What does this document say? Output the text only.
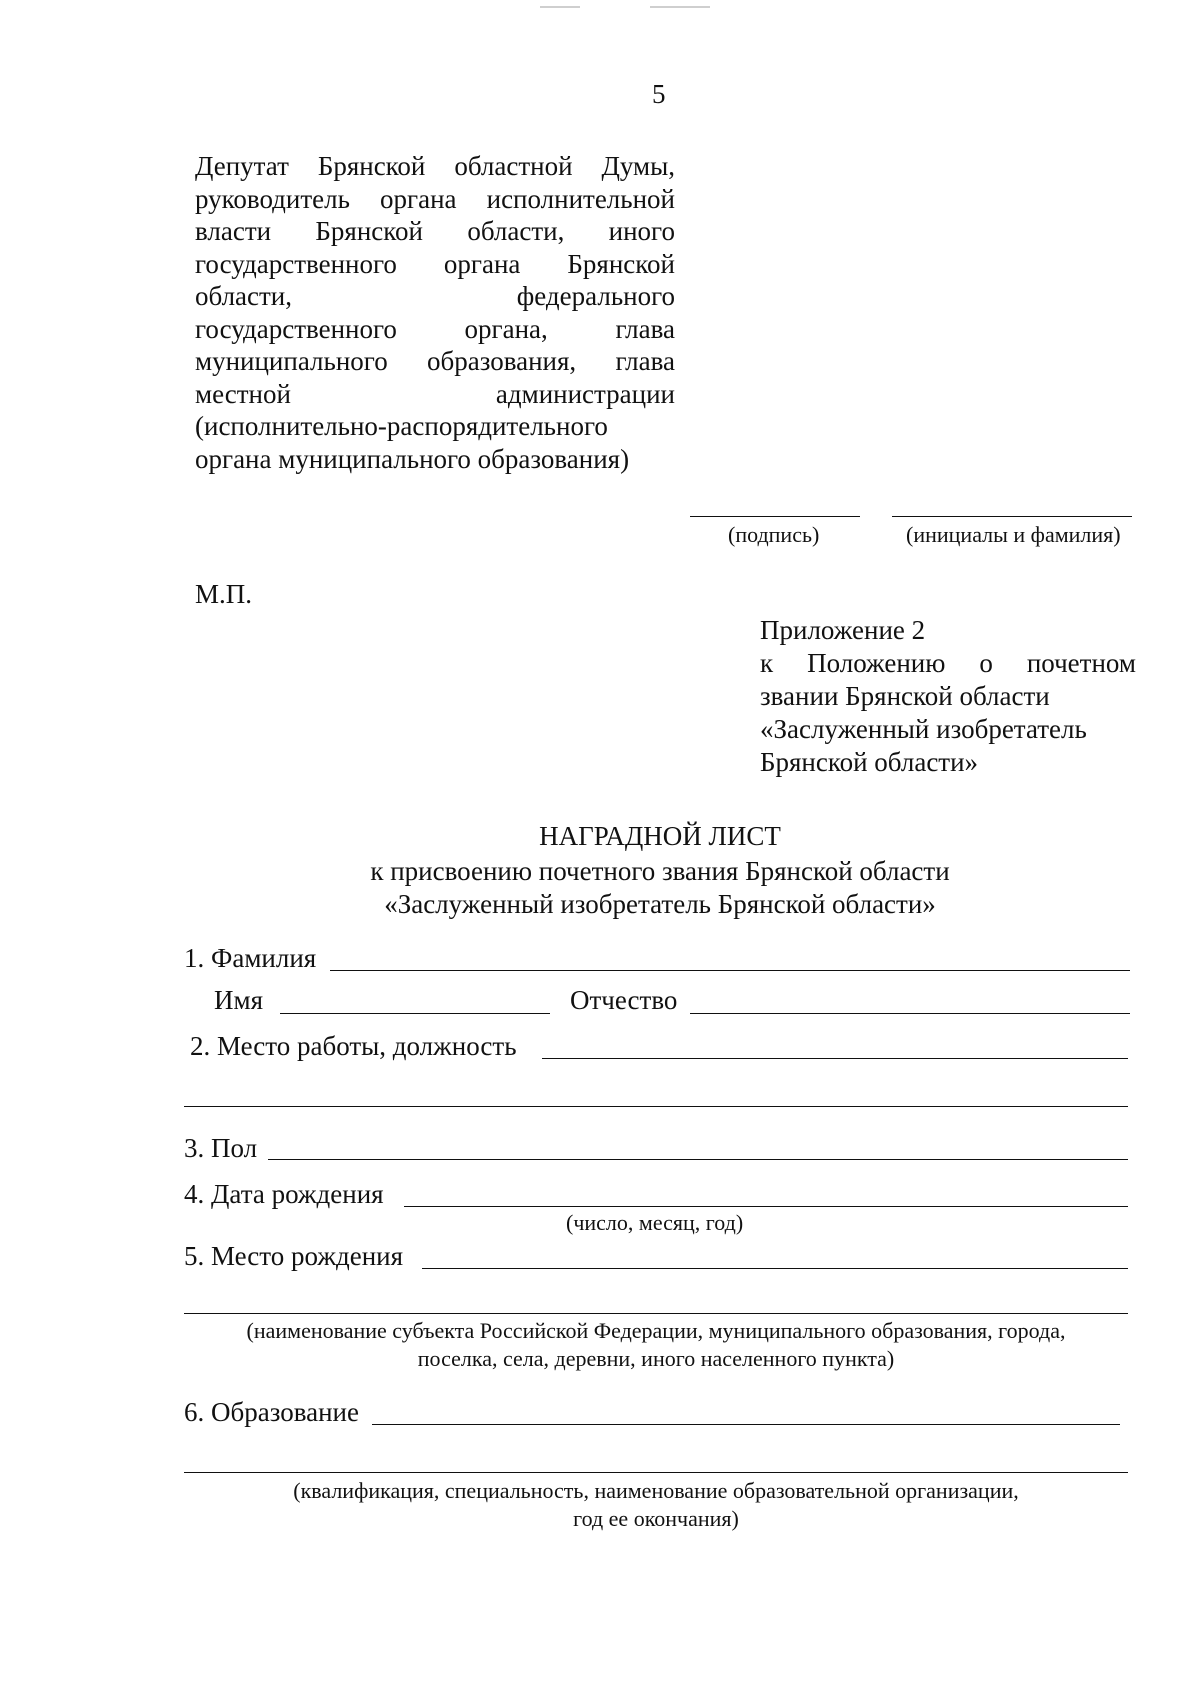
5
Депутат Брянской областной Думы,
руководитель органа исполнительной
власти Брянской области, иного
государственного органа Брянской
области,	федерального
государственного	органа,	глава
муниципального образования, глава
местной	администрации
(исполнительно-распорядительного
органа муниципального образования)
(подпись)	(инициалы и фамилия)
М.П.
Приложение 2
к Положению о почетном
звании Брянской области
«Заслуженный изобретатель
Брянской области»
НАГРАДНОЙ ЛИСТ
к присвоению почетного звания Брянской области
«Заслуженный изобретатель Брянской области»
1. Фамилия
Имя	Отчество
2. Место работы, должность
3. Пол
4. Дата рождения
(число, месяц, год)
5. Место рождения
(наименование субъекта Российской Федерации, муниципального образования, города,
поселка, села, деревни, иного населенного пункта)
6. Образование
(квалификация, специальность, наименование образовательной организации,
год ее окончания)
